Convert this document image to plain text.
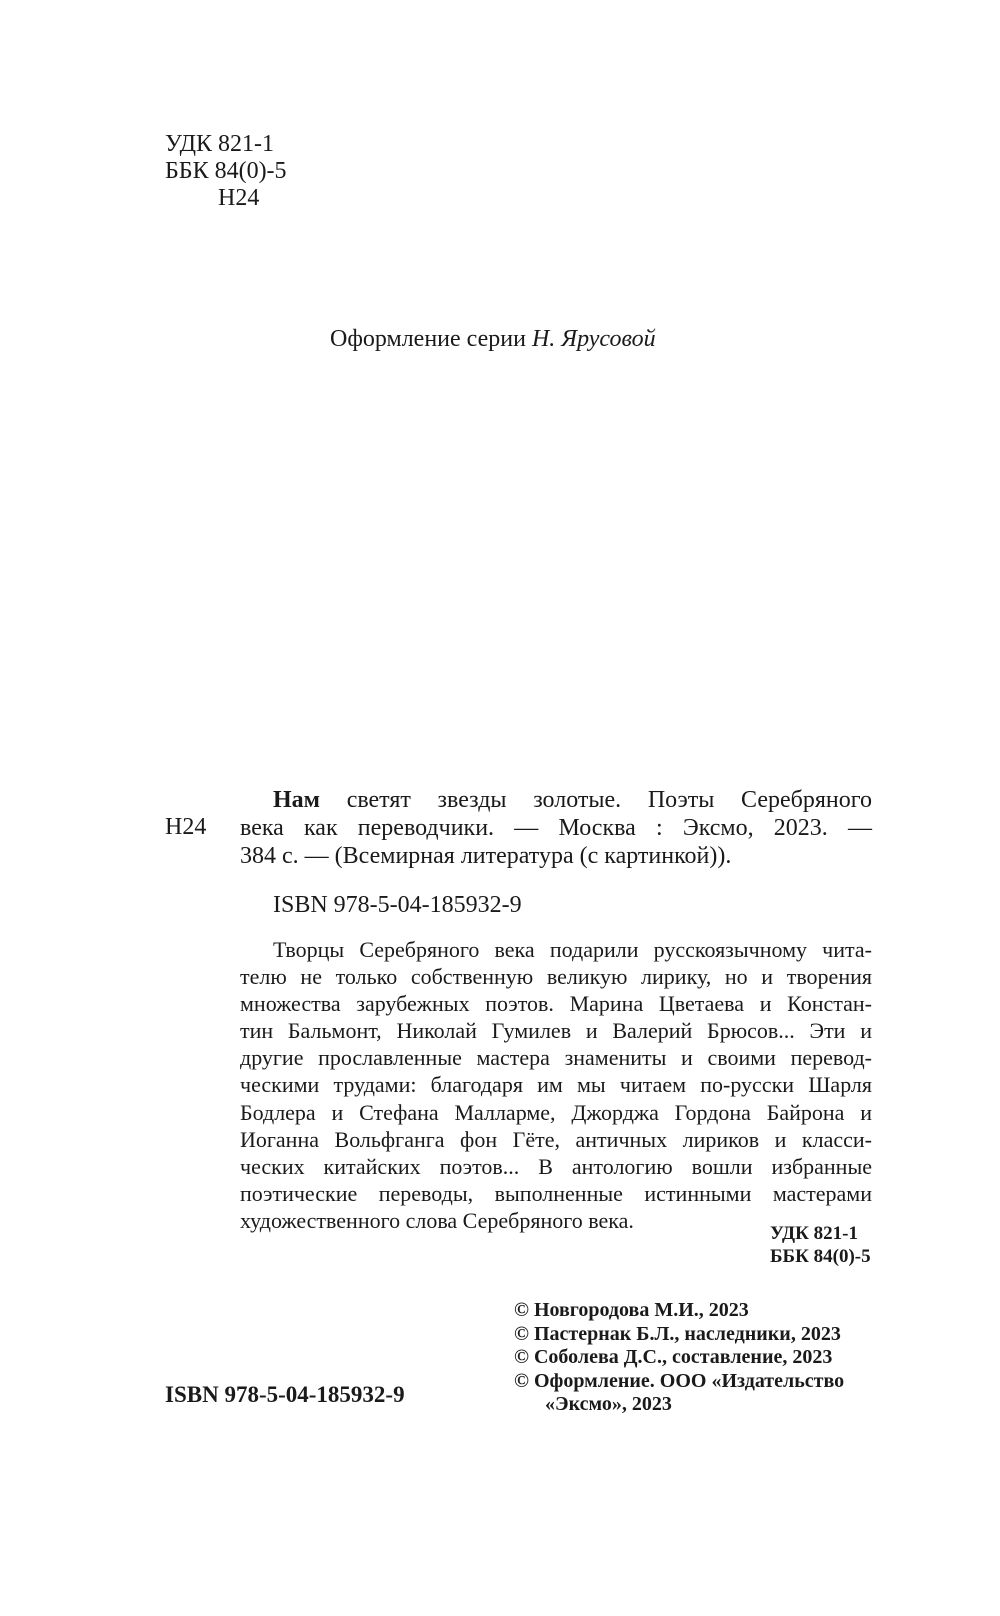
УДК 821-1
ББК 84(0)-5
Н24
Оформление серии Н. Ярусовой
Н24
Нам светят звезды золотые. Поэты Серебряного
века как переводчики. — Москва : Эксмо, 2023. —
384 с. — (Всемирная литература (с картинкой)).
ISBN 978-5-04-185932-9
Творцы Серебряного века подарили русскоязычному чита-
телю не только собственную великую лирику, но и творения
множества зарубежных поэтов. Марина Цветаева и Констан-
тин Бальмонт, Николай Гумилев и Валерий Брюсов... Эти и
другие прославленные мастера знамениты и своими перевод-
ческими трудами: благодаря им мы читаем по-русски Шарля
Бодлера и Стефана Малларме, Джорджа Гордона Байрона и
Иоганна Вольфганга фон Гёте, античных лириков и класси-
ческих китайских поэтов... В антологию вошли избранные
поэтические переводы, выполненные истинными мастерами
художественного слова Серебряного века.
УДК 821-1
ББК 84(0)-5
© Новгородова М.И., 2023
© Пастернак Б.Л., наследники, 2023
© Соболева Д.С., составление, 2023
© Оформление. ООО «Издательство
«Эксмо», 2023
ISBN 978-5-04-185932-9
